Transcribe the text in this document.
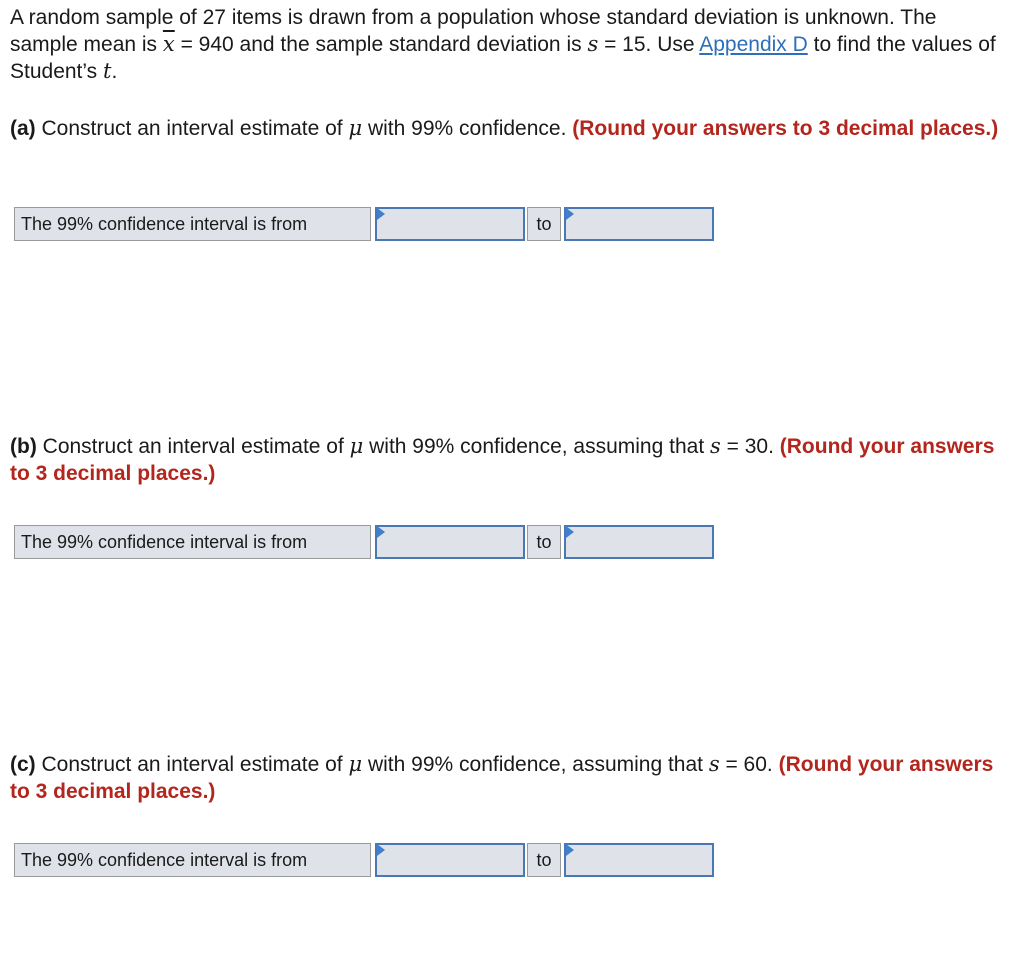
A random sample of 27 items is drawn from a population whose standard deviation is unknown. The sample mean is $\overline{x} = 940$ and the sample standard deviation is s = 15. Use Appendix D to find the values of Student’s t.

(a) Construct an interval estimate of μ with 99% confidence. (Round your answers to 3 decimal places.)

The 99% confidence interval is from	to

(b) Construct an interval estimate of μ with 99% confidence, assuming that s = 30. (Round your answers to 3 decimal places.)

The 99% confidence interval is from	to

(c) Construct an interval estimate of μ with 99% confidence, assuming that s = 60. (Round your answers to 3 decimal places.)

The 99% confidence interval is from	to
